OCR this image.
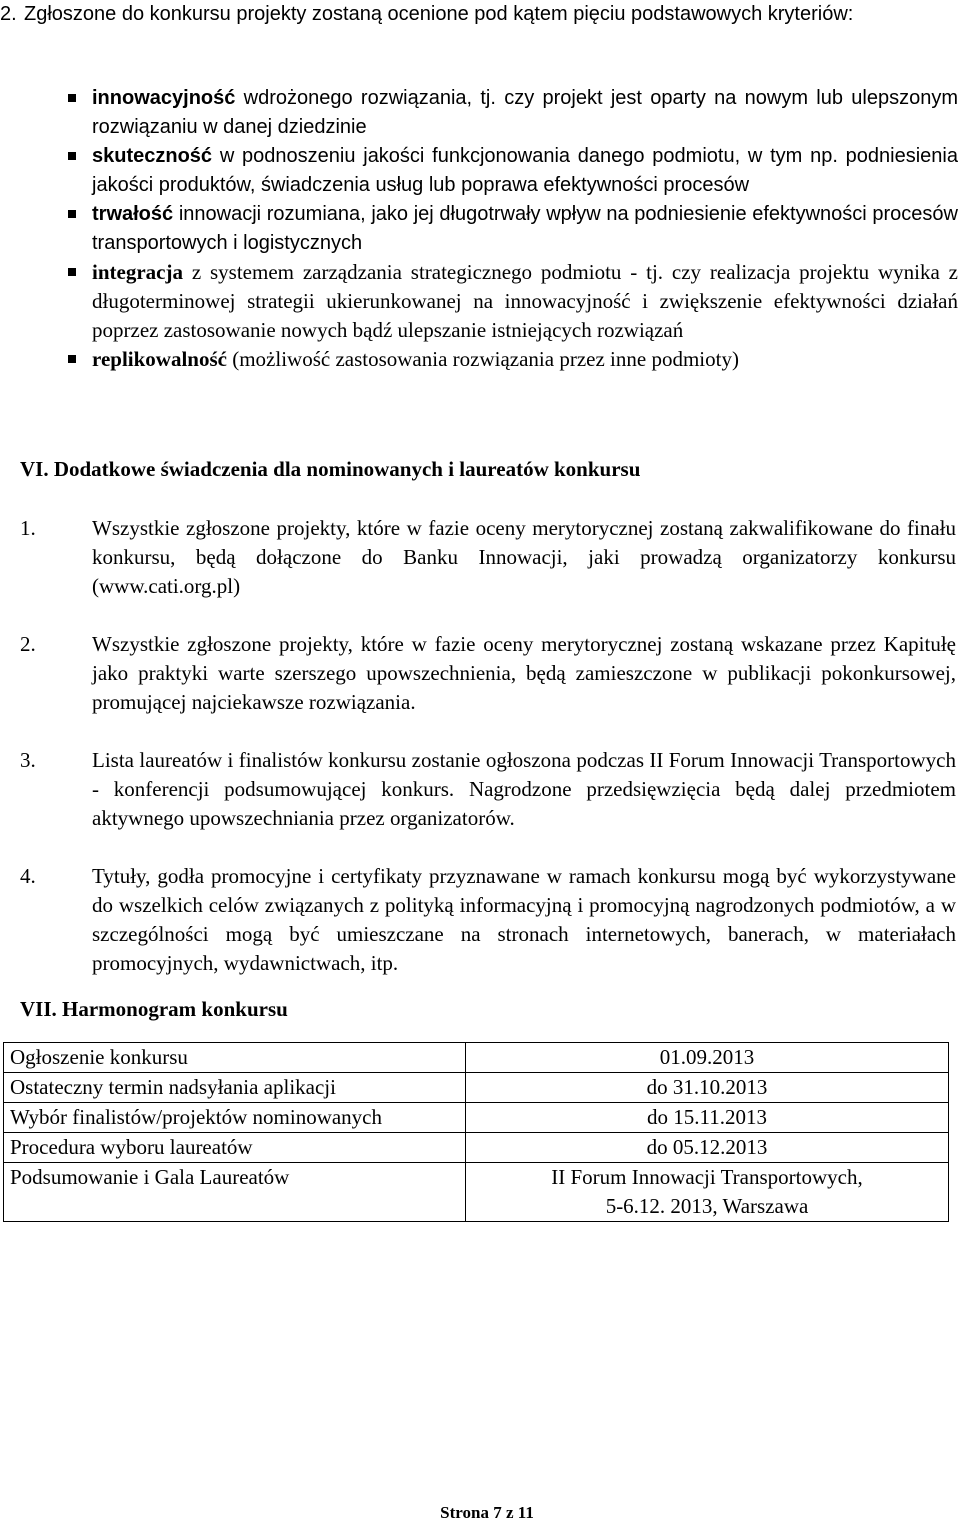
2. Zgłoszone do konkursu projekty zostaną ocenione pod kątem pięciu podstawowych kryteriów:
innowacyjność wdrożonego rozwiązania, tj. czy projekt jest oparty na nowym lub ulepszonym rozwiązaniu w danej dziedzinie
skuteczność w podnoszeniu jakości funkcjonowania danego podmiotu, w tym np. podniesienia jakości produktów, świadczenia usług lub poprawa efektywności procesów
trwałość innowacji rozumiana, jako jej długotrwały wpływ na podniesienie efektywności procesów transportowych i logistycznych
integracja z systemem zarządzania strategicznego podmiotu - tj. czy realizacja projektu wynika z długoterminowej strategii ukierunkowanej na innowacyjność i zwiększenie efektywności działań poprzez zastosowanie nowych bądź ulepszanie istniejących rozwiązań
replikowalność (możliwość zastosowania rozwiązania przez inne podmioty)
VI. Dodatkowe świadczenia dla nominowanych i laureatów konkursu
1.	Wszystkie zgłoszone projekty, które w fazie oceny merytorycznej zostaną zakwalifikowane do finału konkursu, będą dołączone do Banku Innowacji, jaki prowadzą organizatorzy konkursu (www.cati.org.pl)
2.	Wszystkie zgłoszone projekty, które w fazie oceny merytorycznej zostaną wskazane przez Kapitułę jako praktyki warte szerszego upowszechnienia, będą zamieszczone w publikacji pokonkursowej, promującej najciekawsze rozwiązania.
3.	Lista laureatów i finalistów konkursu zostanie ogłoszona podczas II Forum Innowacji Transportowych - konferencji podsumowującej konkurs. Nagrodzone przedsięwzięcia będą dalej przedmiotem aktywnego upowszechniania przez organizatorów.
4.	Tytuły, godła promocyjne i certyfikaty przyznawane w ramach konkursu mogą być wykorzystywane do wszelkich celów związanych z polityką informacyjną i promocyjną nagrodzonych podmiotów, a w szczególności mogą być umieszczane na stronach internetowych, banerach, w materiałach promocyjnych, wydawnictwach, itp.
VII. Harmonogram konkursu
Ogłoszenie konkursu	01.09.2013
Ostateczny termin nadsyłania aplikacji	do 31.10.2013
Wybór finalistów/projektów nominowanych	do 15.11.2013
Procedura wyboru laureatów	do 05.12.2013
Podsumowanie i Gala Laureatów	II Forum Innowacji Transportowych,
5-6.12. 2013, Warszawa
Strona 7 z 11
